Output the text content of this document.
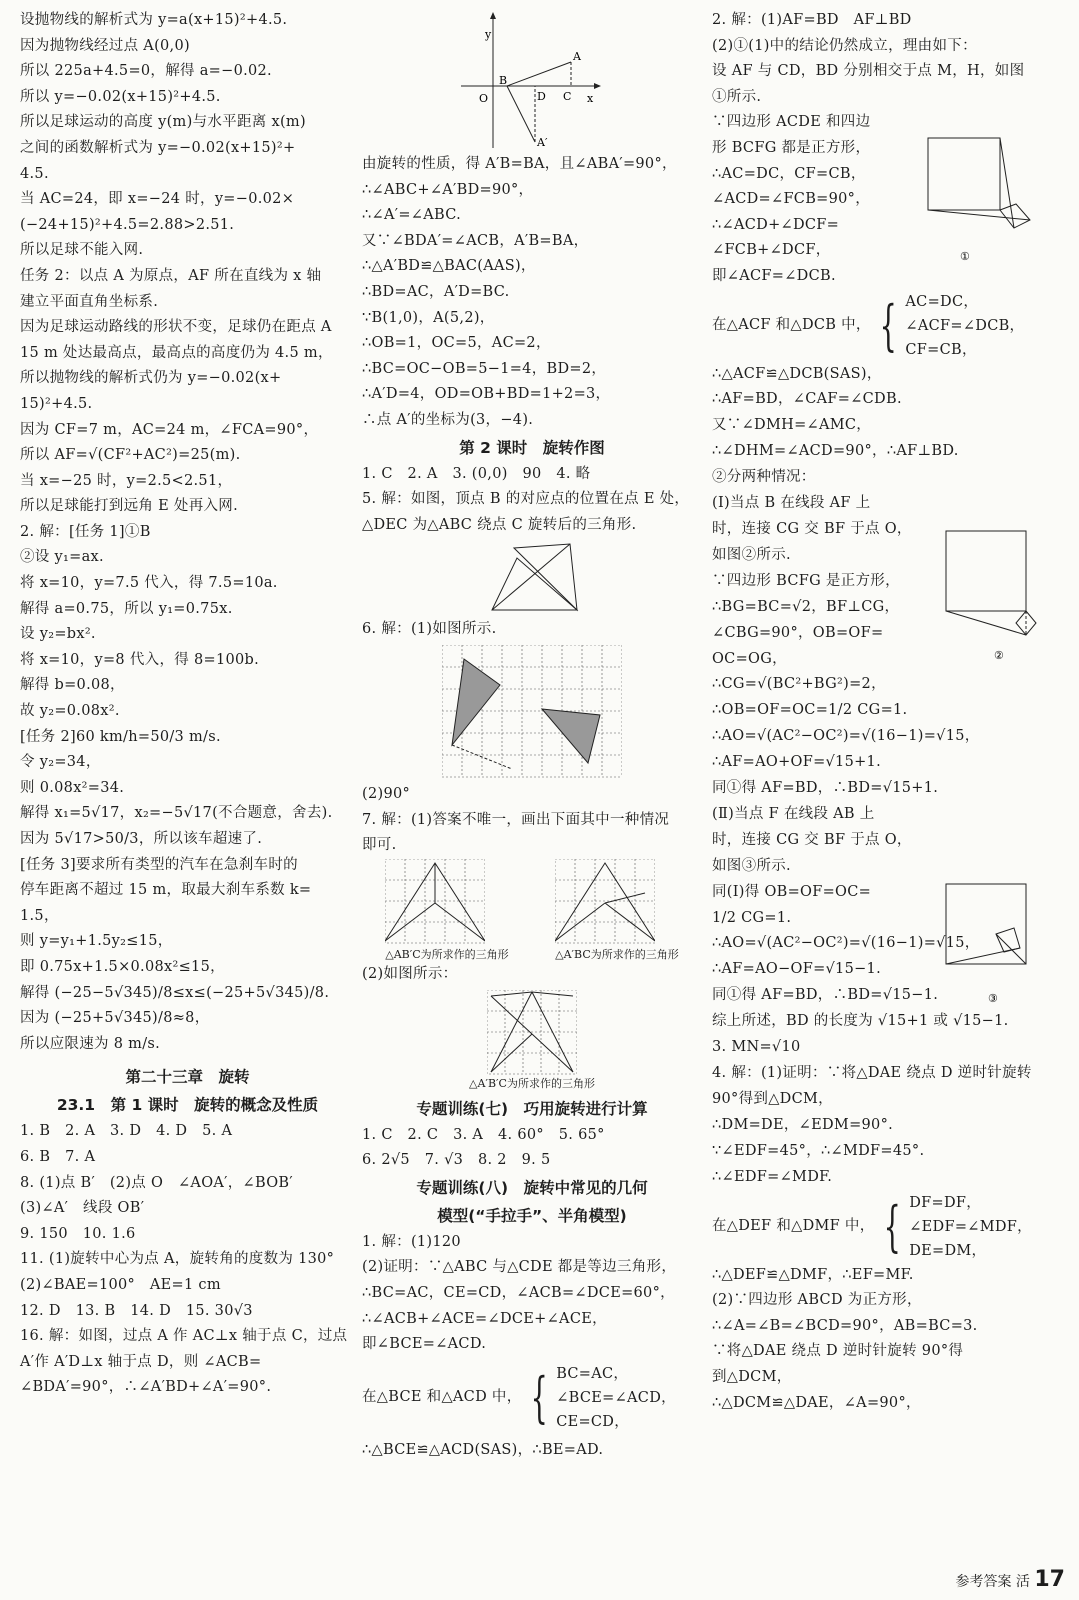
设抛物线的解析式为 y=a(x+15)²+4.5.
因为抛物线经过点 A(0,0)
所以 225a+4.5=0，解得 a=−0.02.
所以 y=−0.02(x+15)²+4.5.
所以足球运动的高度 y(m)与水平距离 x(m)
之间的函数解析式为 y=−0.02(x+15)²+
4.5.
当 AC=24，即 x=−24 时，y=−0.02×
(−24+15)²+4.5=2.88>2.51.
所以足球不能入网.
任务 2：以点 A 为原点，AF 所在直线为 x 轴
建立平面直角坐标系.
因为足球运动路线的形状不变，足球仍在距点 A
15 m 处达最高点，最高点的高度仍为 4.5 m，
所以抛物线的解析式仍为 y=−0.02(x+
15)²+4.5.
因为 CF=7 m，AC=24 m，∠FCA=90°，
所以 AF=√(CF²+AC²)=25(m).
当 x=−25 时，y=2.5<2.51，
所以足球能打到远角 E 处再入网.
2. 解：[任务 1]①B
②设 y₁=ax.
将 x=10，y=7.5 代入，得 7.5=10a.
解得 a=0.75，所以 y₁=0.75x.
设 y₂=bx².
将 x=10，y=8 代入，得 8=100b.
解得 b=0.08，
故 y₂=0.08x².
[任务 2]60 km/h=50/3 m/s.
令 y₂=34，
则 0.08x²=34.
解得 x₁=5√17，x₂=−5√17(不合题意，舍去).
因为 5√17>50/3，所以该车超速了.
[任务 3]要求所有类型的汽车在急刹车时的
停车距离不超过 15 m，取最大刹车系数 k=
1.5，
则 y=y₁+1.5y₂≤15，
即 0.75x+1.5×0.08x²≤15，
解得 (−25−5√345)/8≤x≤(−25+5√345)/8.
因为 (−25+5√345)/8≈8，
所以应限速为 8 m/s.
第二十三章　旋转
23.1　第 1 课时　旋转的概念及性质
1. B　2. A　3. D　4. D　5. A
6. B　7. A
8. (1)点 B′　(2)点 O　∠AOA′，∠BOB′
(3)∠A′　线段 OB′
9. 150　10. 1.6
11. (1)旋转中心为点 A，旋转角的度数为 130°
(2)∠BAE=100°　AE=1 cm
12. D　13. B　14. D　15. 30√3
16. 解：如图，过点 A 作 AC⊥x 轴于点 C，过点
A′作 A′D⊥x 轴于点 D，则 ∠ACB=
∠BDA′=90°，∴∠A′BD+∠A′=90°.
y
x
O
A
B
D C
A′
由旋转的性质，得 A′B=BA，且∠ABA′=90°，
∴∠ABC+∠A′BD=90°，
∴∠A′=∠ABC.
又∵∠BDA′=∠ACB，A′B=BA，
∴△A′BD≌△BAC(AAS)，
∴BD=AC，A′D=BC.
∵B(1,0)，A(5,2)，
∴OB=1，OC=5，AC=2，
∴BC=OC−OB=5−1=4，BD=2，
∴A′D=4，OD=OB+BD=1+2=3，
∴点 A′的坐标为(3，−4).
第 2 课时　旋转作图
1. C　2. A　3. (0,0)　90　4. 略
5. 解：如图，顶点 B 的对应点的位置在点 E 处，
△DEC 为△ABC 绕点 C 旋转后的三角形.
6. 解：(1)如图所示.
(2)90°
7. 解：(1)答案不唯一，画出下面其中一种情况
即可.
△AB′C为所求作的三角形	△A′BC为所求作的三角形
(2)如图所示：
△A′B′C为所求作的三角形
专题训练(七)　巧用旋转进行计算
1. C　2. C　3. A　4. 60°　5. 65°
6. 2√5　7. √3　8. 2　9. 5
专题训练(八)　旋转中常见的几何
模型(“手拉手”、半角模型)
1. 解：(1)120
(2)证明：∵△ABC 与△CDE 都是等边三角形，
∴BC=AC，CE=CD，∠ACB=∠DCE=60°，
∴∠ACB+∠ACE=∠DCE+∠ACE，
即∠BCE=∠ACD.
在△BCE 和△ACD 中， { BC=AC，
∠BCE=∠ACD，
CE=CD，
∴△BCE≌△ACD(SAS)，∴BE=AD.
2. 解：(1)AF=BD　AF⊥BD
(2)①(1)中的结论仍然成立，理由如下：
设 AF 与 CD，BD 分别相交于点 M，H，如图
①所示.
∵四边形 ACDE 和四边
形 BCFG 都是正方形，
∴AC=DC，CF=CB，
∠ACD=∠FCB=90°，
∴∠ACD+∠DCF=
∠FCB+∠DCF，
即∠ACF=∠DCB.
①
在△ACF 和△DCB 中， { AC=DC，
∠ACF=∠DCB，
CF=CB，
∴△ACF≌△DCB(SAS)，
∴AF=BD，∠CAF=∠CDB.
又∵∠DMH=∠AMC，
∴∠DHM=∠ACD=90°，∴AF⊥BD.
②分两种情况：
(Ⅰ)当点 B 在线段 AF 上
时，连接 CG 交 BF 于点 O，
如图②所示.
∵四边形 BCFG 是正方形，
∴BG=BC=√2，BF⊥CG，
∠CBG=90°，OB=OF=
OC=OG，
∴CG=√(BC²+BG²)=2，
∴OB=OF=OC=1/2 CG=1.
∴AO=√(AC²−OC²)=√(16−1)=√15，
∴AF=AO+OF=√15+1.
同①得 AF=BD，∴BD=√15+1.
(Ⅱ)当点 F 在线段 AB 上
时，连接 CG 交 BF 于点 O，
如图③所示.
同(Ⅰ)得 OB=OF=OC=
1/2 CG=1.
∴AO=√(AC²−OC²)=√(16−1)=√15，
∴AF=AO−OF=√15−1.
同①得 AF=BD，∴BD=√15−1.
综上所述，BD 的长度为 √15+1 或 √15−1.
3. MN=√10
4. 解：(1)证明：∵将△DAE 绕点 D 逆时针旋转
90°得到△DCM，
∴DM=DE，∠EDM=90°.
∵∠EDF=45°，∴∠MDF=45°.
∴∠EDF=∠MDF.
②
③
在△DEF 和△DMF 中， { DF=DF，
∠EDF=∠MDF，
DE=DM，
∴△DEF≌△DMF，∴EF=MF.
(2)∵四边形 ABCD 为正方形，
∴∠A=∠B=∠BCD=90°，AB=BC=3.
∵将△DAE 绕点 D 逆时针旋转 90°得
到△DCM，
∴△DCM≌△DAE，∠A=90°，
参考答案 活 17
